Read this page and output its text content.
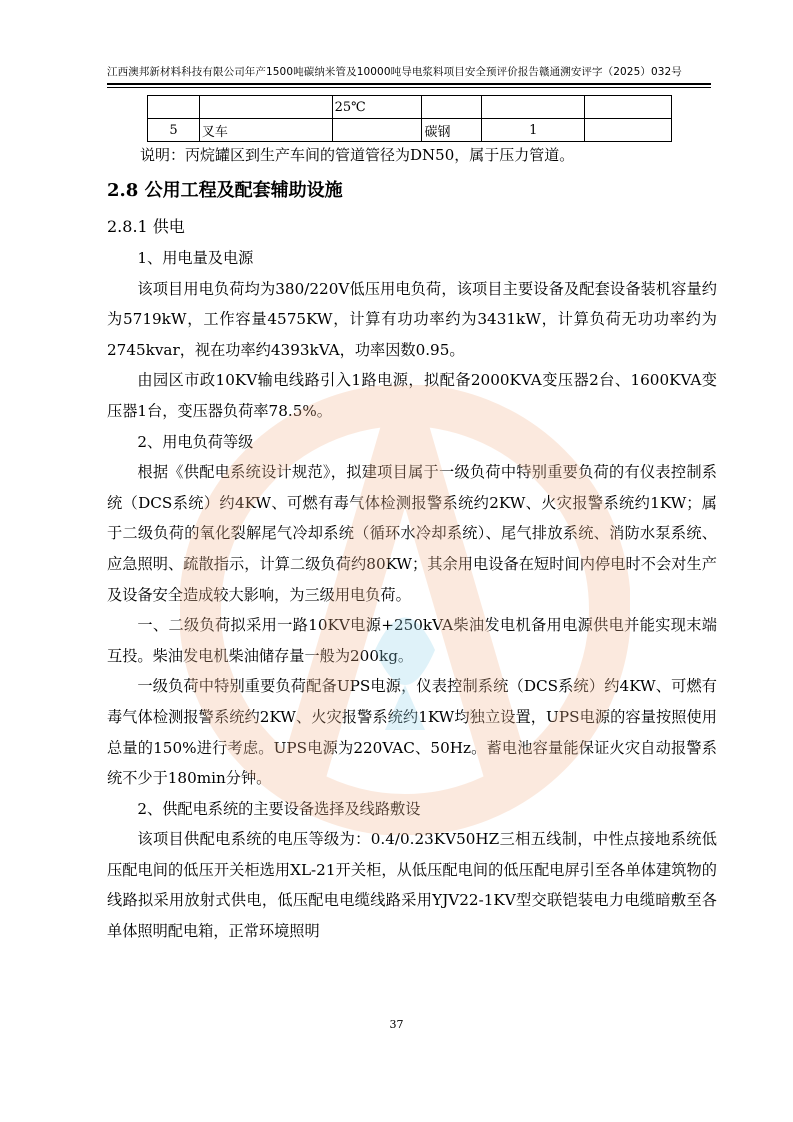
江西澳邦新材料科技有限公司年产1500吨碳纳米管及10000吨导电浆料项目安全预评价报告赣通溯安评字（2025）032号
		25℃			
5	叉车		碳钢	1	
说明：丙烷罐区到生产车间的管道管径为DN50，属于压力管道。
2.8 公用工程及配套辅助设施
2.8.1 供电

1、用电量及电源

该项目用电负荷均为380/220V低压用电负荷，该项目主要设备及配套设备装机容量约为5719kW，工作容量4575KW，计算有功功率约为3431kW，计算负荷无功功率约为2745kvar，视在功率约4393kVA，功率因数0.95。

由园区市政10KV输电线路引入1路电源，拟配备2000KVA变压器2台、1600KVA变压器1台，变压器负荷率78.5%。

2、用电负荷等级

根据《供配电系统设计规范》，拟建项目属于一级负荷中特别重要负荷的有仪表控制系统（DCS系统）约4KW、可燃有毒气体检测报警系统约2KW、火灾报警系统约1KW；属于二级负荷的氧化裂解尾气冷却系统（循环水冷却系统）、尾气排放系统、消防水泵系统、应急照明、疏散指示，计算二级负荷约80KW；其余用电设备在短时间内停电时不会对生产及设备安全造成较大影响，为三级用电负荷。

一、二级负荷拟采用一路10KV电源+250kVA柴油发电机备用电源供电并能实现末端互投。柴油发电机柴油储存量一般为200kg。

一级负荷中特别重要负荷配备UPS电源，仪表控制系统（DCS系统）约4KW、可燃有毒气体检测报警系统约2KW、火灾报警系统约1KW均独立设置，UPS电源的容量按照使用总量的150%进行考虑。UPS电源为220VAC、50Hz。蓄电池容量能保证火灾自动报警系统不少于180min分钟。

2、供配电系统的主要设备选择及线路敷设

该项目供配电系统的电压等级为：0.4/0.23KV50HZ三相五线制，中性点接地系统低压配电间的低压开关柜选用XL-21开关柜，从低压配电间的低压配电屏引至各单体建筑物的线路拟采用放射式供电，低压配电电缆线路采用YJV22-1KV型交联铠装电力电缆暗敷至各单体照明配电箱，正常环境照明

37
